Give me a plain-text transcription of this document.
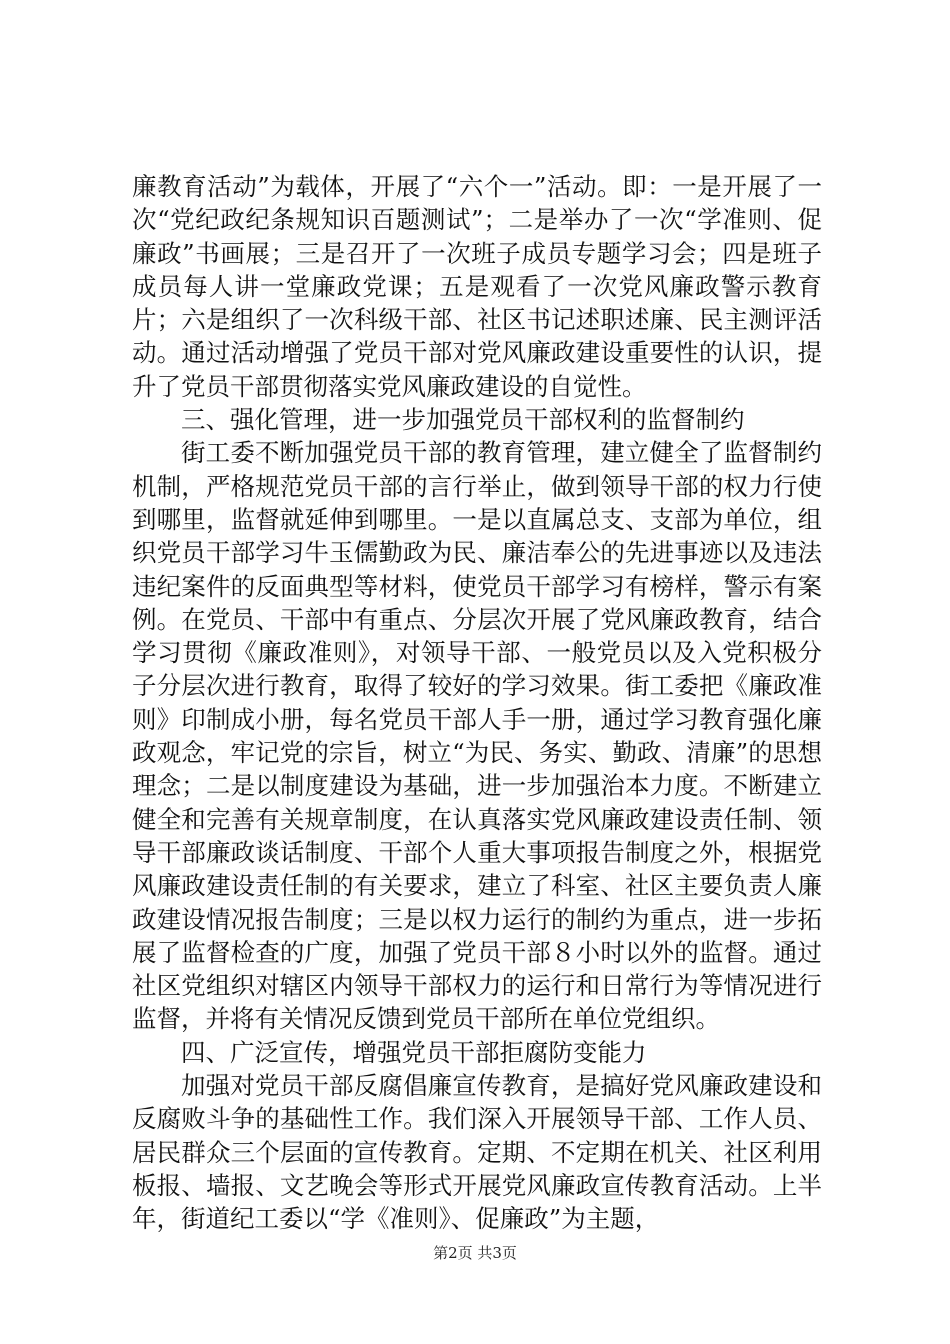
廉教育活动”为载体，开展了“六个一”活动。即：一是开展了一次“党纪政纪条规知识百题测试”；二是举办了一次“学准则、促廉政”书画展；三是召开了一次班子成员专题学习会；四是班子成员每人讲一堂廉政党课；五是观看了一次党风廉政警示教育片；六是组织了一次科级干部、社区书记述职述廉、民主测评活动。通过活动增强了党员干部对党风廉政建设重要性的认识，提升了党员干部贯彻落实党风廉政建设的自觉性。

三、强化管理，进一步加强党员干部权利的监督制约

街工委不断加强党员干部的教育管理，建立健全了监督制约机制，严格规范党员干部的言行举止，做到领导干部的权力行使到哪里，监督就延伸到哪里。一是以直属总支、支部为单位，组织党员干部学习牛玉儒勤政为民、廉洁奉公的先进事迹以及违法违纪案件的反面典型等材料，使党员干部学习有榜样，警示有案例。在党员、干部中有重点、分层次开展了党风廉政教育，结合学习贯彻《廉政准则》，对领导干部、一般党员以及入党积极分子分层次进行教育，取得了较好的学习效果。街工委把《廉政准则》印制成小册，每名党员干部人手一册，通过学习教育强化廉政观念，牢记党的宗旨，树立“为民、务实、勤政、清廉”的思想理念；二是以制度建设为基础，进一步加强治本力度。不断建立健全和完善有关规章制度，在认真落实党风廉政建设责任制、领导干部廉政谈话制度、干部个人重大事项报告制度之外，根据党风廉政建设责任制的有关要求，建立了科室、社区主要负责人廉政建设情况报告制度；三是以权力运行的制约为重点，进一步拓展了监督检查的广度，加强了党员干部８小时以外的监督。通过社区党组织对辖区内领导干部权力的运行和日常行为等情况进行监督，并将有关情况反馈到党员干部所在单位党组织。

四、广泛宣传，增强党员干部拒腐防变能力

加强对党员干部反腐倡廉宣传教育，是搞好党风廉政建设和反腐败斗争的基础性工作。我们深入开展领导干部、工作人员、居民群众三个层面的宣传教育。定期、不定期在机关、社区利用板报、墙报、文艺晚会等形式开展党风廉政宣传教育活动。上半年，街道纪工委以“学《准则》、促廉政”为主题，

第2页 共3页
